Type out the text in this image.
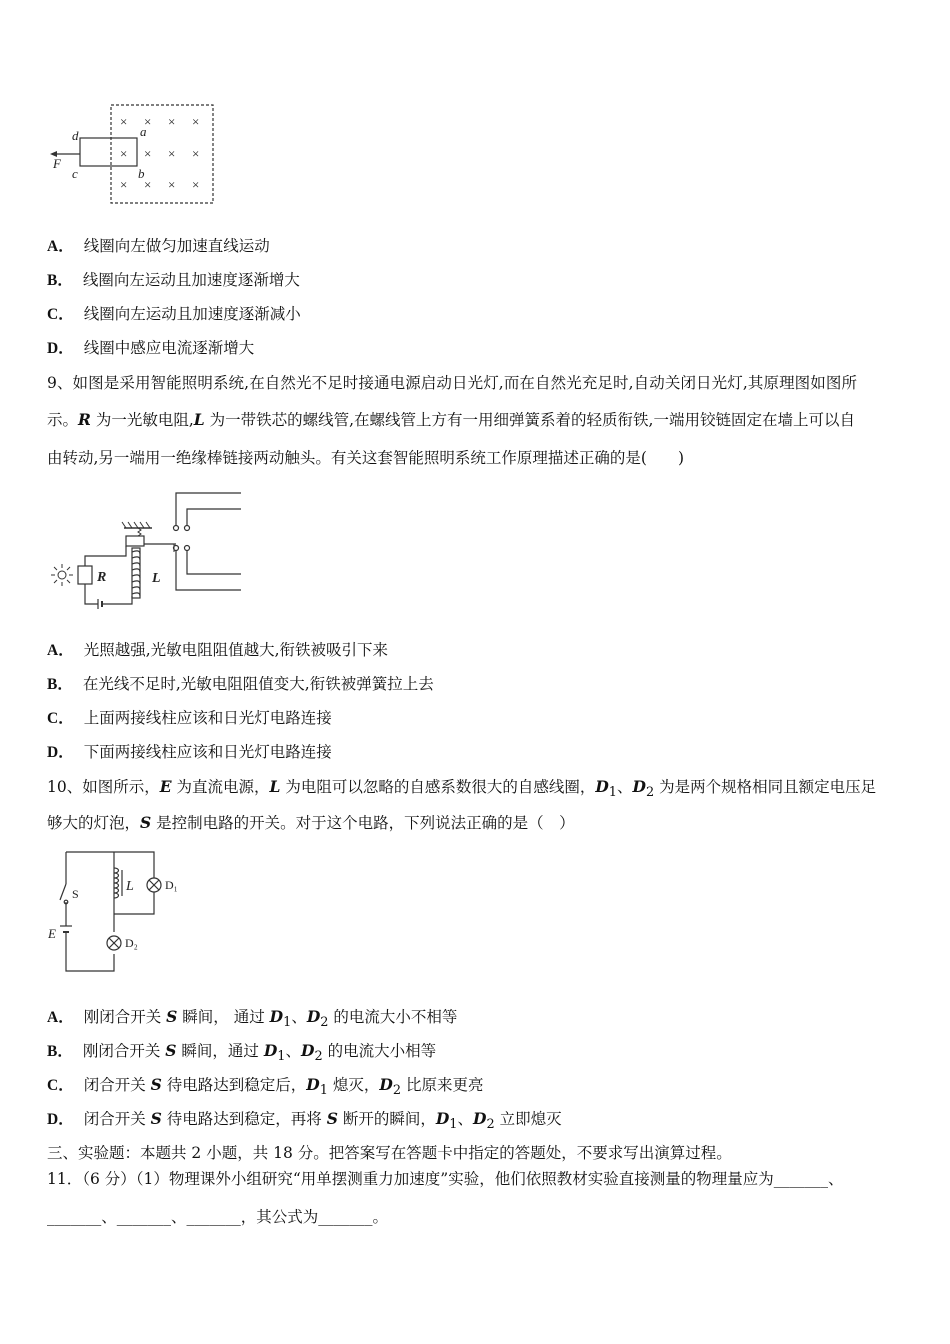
× × × ×
× × × ×
× × × ×
a
b
c
d
F
A． 线圈向左做匀加速直线运动
B． 线圈向左运动且加速度逐渐增大
C． 线圈向左运动且加速度逐渐减小
D． 线圈中感应电流逐渐增大
9、如图是采用智能照明系统,在自然光不足时接通电源启动日光灯,而在自然光充足时,自动关闭日光灯,其原理图如图所
示。R 为一光敏电阻,L 为一带铁芯的螺线管,在螺线管上方有一用细弹簧系着的轻质衔铁,一端用铰链固定在墙上可以自
由转动,另一端用一绝缘棒链接两动触头。有关这套智能照明系统工作原理描述正确的是(　　)
R	L
A． 光照越强,光敏电阻阻值越大,衔铁被吸引下来
B． 在光线不足时,光敏电阻阻值变大,衔铁被弹簧拉上去
C． 上面两接线柱应该和日光灯电路连接
D． 下面两接线柱应该和日光灯电路连接
10、如图所示，E 为直流电源，L 为电阻可以忽略的自感系数很大的自感线圈，$D_1$、$D_2$ 为是两个规格相同且额定电压足
够大的灯泡，S 是控制电路的开关。对于这个电路，下列说法正确的是（　）
S	L
E
D₁
D₂
A． 刚闭合开关 S 瞬间， 通过 $D_1$、$D_2$ 的电流大小不相等
B． 刚闭合开关 S 瞬间，通过 $D_1$、$D_2$ 的电流大小相等
C． 闭合开关 S 待电路达到稳定后，$D_1$ 熄灭，$D_2$ 比原来更亮
D． 闭合开关 S 待电路达到稳定，再将 S 断开的瞬间，$D_1$、$D_2$ 立即熄灭
三、实验题：本题共 2 小题，共 18 分。把答案写在答题卡中指定的答题处，不要求写出演算过程。
11．（6 分）（1）物理课外小组研究“用单摆测重力加速度”实验，他们依照教材实验直接测量的物理量应为_______、
_______、_______、_______，其公式为_______。
